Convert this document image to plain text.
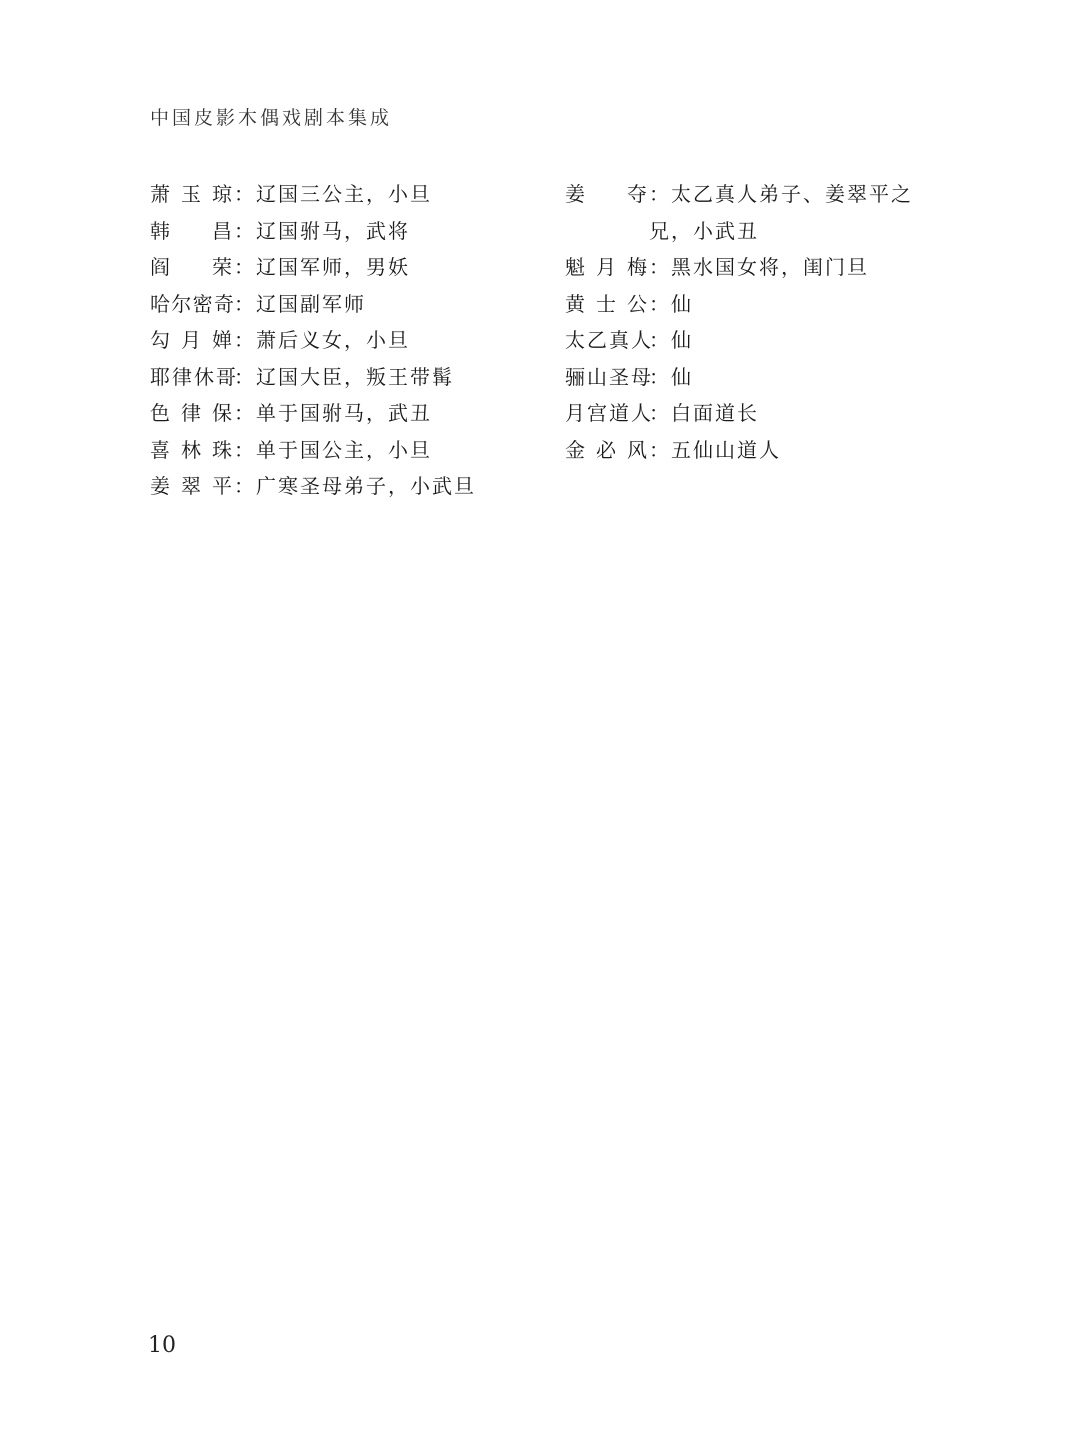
中国皮影木偶戏剧本集成
萧玉琼 ：辽国三公主，小旦
韩　昌 ：辽国驸马，武将
阎　荣 ：辽国军师，男妖
哈尔密奇 ：辽国副军师
勾月婵 ：萧后义女，小旦
耶律休哥
：辽国大臣，叛王带髯
色律保 ：单于国驸马，武丑
喜林珠 ：单于国公主，小旦
姜翠平 ：广寒圣母弟子，小武旦
姜　夺 ：太乙真人弟子、姜翠平之兄，小武丑
魁月梅 ：黑水国女将，闺门旦
黄士公 ：仙
太乙真人
：仙
骊山圣母
：仙
月宫道人
：白面道长
金必风 ：五仙山道人
10
